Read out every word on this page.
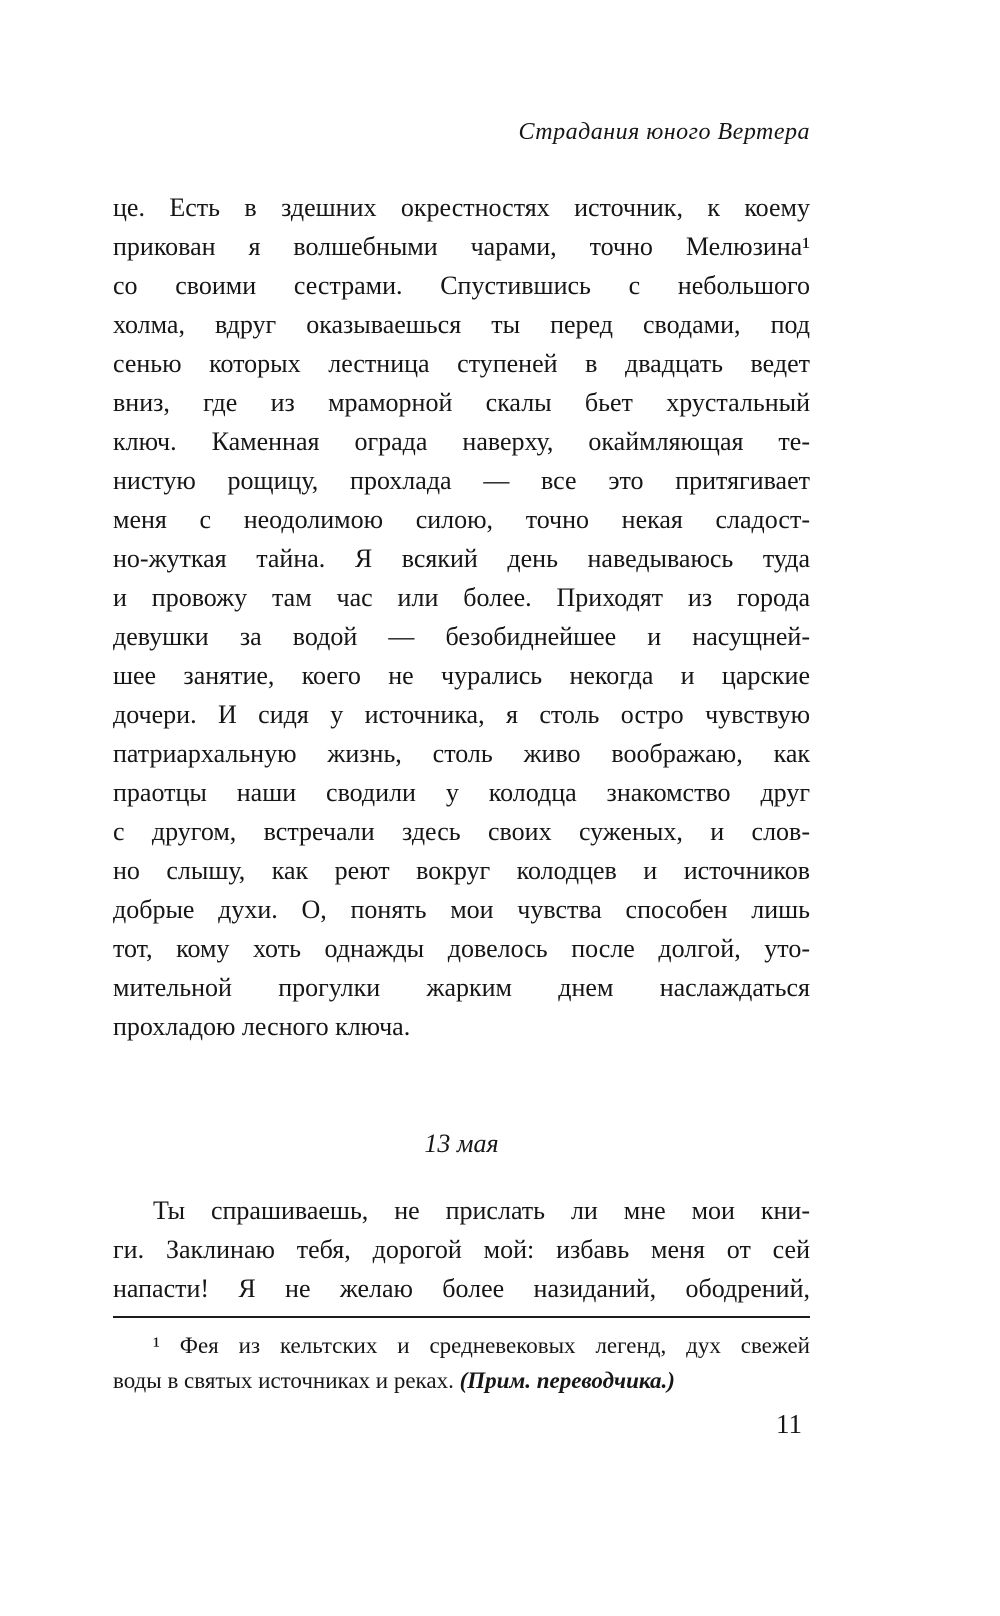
Страдания юного Вертера
це. Есть в здешних окрестностях источник, к коему
прикован я волшебными чарами, точно Мелюзина¹
со своими сестрами. Спустившись с небольшого
холма, вдруг оказываешься ты перед сводами, под
сенью которых лестница ступеней в двадцать ведет
вниз, где из мраморной скалы бьет хрустальный
ключ. Каменная ограда наверху, окаймляющая те-
нистую рощицу, прохлада — все это притягивает
меня с неодолимою силою, точно некая сладост-
но-жуткая тайна. Я всякий день наведываюсь туда
и провожу там час или более. Приходят из города
девушки за водой — безобиднейшее и насущней-
шее занятие, коего не чурались некогда и царские
дочери. И сидя у источника, я столь остро чувствую
патриархальную жизнь, столь живо воображаю, как
праотцы наши сводили у колодца знакомство друг
с другом, встречали здесь своих суженых, и слов-
но слышу, как реют вокруг колодцев и источников
добрые духи. О, понять мои чувства способен лишь
тот, кому хоть однажды довелось после долгой, уто-
мительной прогулки жарким днем наслаждаться
прохладою лесного ключа.
13 мая
Ты спрашиваешь, не прислать ли мне мои кни-
ги. Заклинаю тебя, дорогой мой: избавь меня от сей
напасти! Я не желаю более назиданий, ободрений,
¹ Фея из кельтских и средневековых легенд, дух свежей
воды в святых источниках и реках. (Прим. переводчика.)
11
